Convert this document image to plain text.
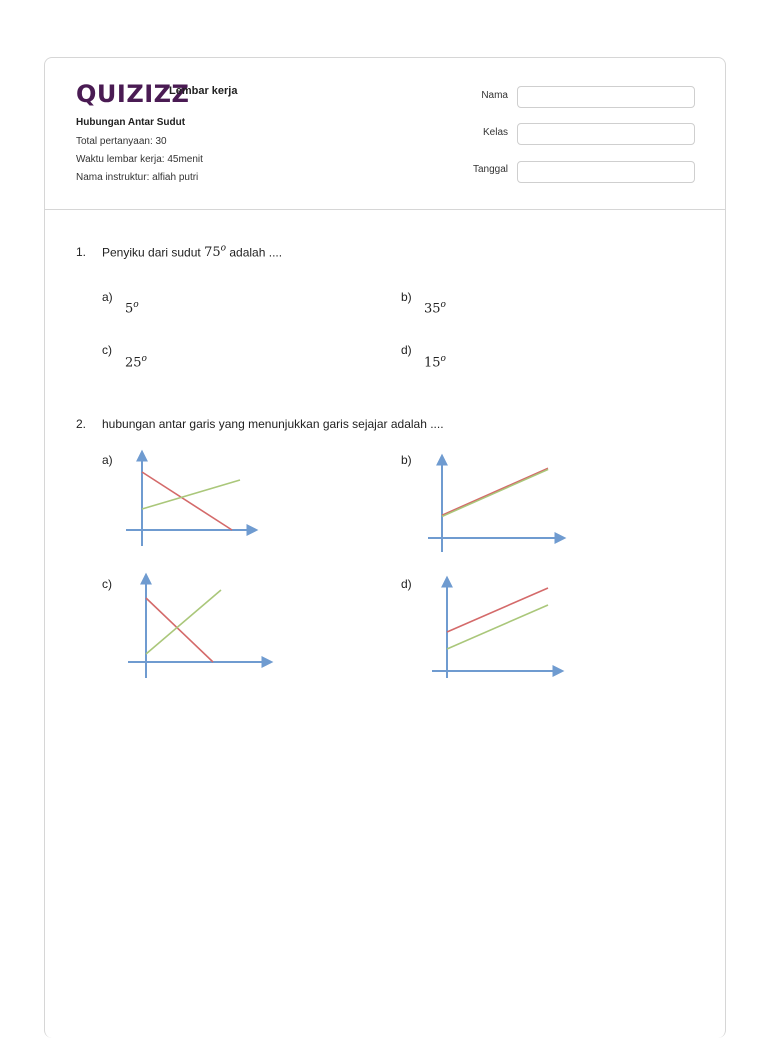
QUIZIZZ
Lembar kerja
Hubungan Antar Sudut
Total pertanyaan: 30
Waktu lembar kerja: 45menit
Nama instruktur: alfiah putri
Nama
Kelas
Tanggal
1. Penyiku dari sudut 75$^o$ adalah ....
a)
5$^o$
b)
35$^o$
c)
25$^o$
d)
15$^o$
2. hubungan antar garis yang menunjukkan garis sejajar adalah ....
a)	b)
c)	d)
